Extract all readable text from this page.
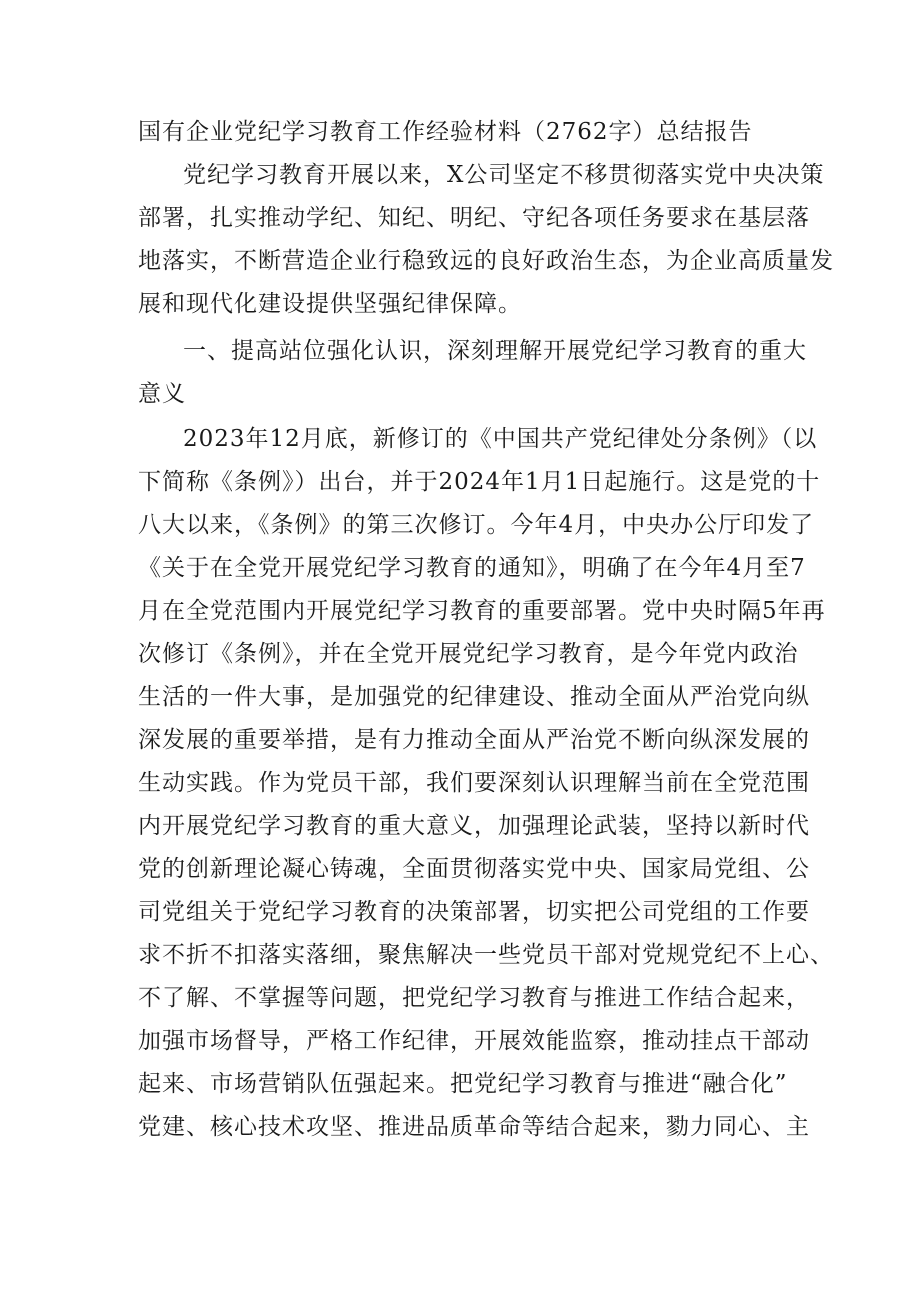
国有企业党纪学习教育工作经验材料（2762字）总结报告
党纪学习教育开展以来，X公司坚定不移贯彻落实党中央决策
部署，扎实推动学纪、知纪、明纪、守纪各项任务要求在基层落
地落实，不断营造企业行稳致远的良好政治生态，为企业高质量发
展和现代化建设提供坚强纪律保障。
一、提高站位强化认识，深刻理解开展党纪学习教育的重大
意义
2023年12月底，新修订的《中国共产党纪律处分条例》（以
下简称《条例》）出台，并于2024年1月1日起施行。这是党的十
八大以来，《条例》的第三次修订。今年4月，中央办公厅印发了
《关于在全党开展党纪学习教育的通知》，明确了在今年4月至7
月在全党范围内开展党纪学习教育的重要部署。党中央时隔5年再
次修订《条例》，并在全党开展党纪学习教育，是今年党内政治
生活的一件大事，是加强党的纪律建设、推动全面从严治党向纵
深发展的重要举措，是有力推动全面从严治党不断向纵深发展的
生动实践。作为党员干部，我们要深刻认识理解当前在全党范围
内开展党纪学习教育的重大意义，加强理论武装，坚持以新时代
党的创新理论凝心铸魂，全面贯彻落实党中央、国家局党组、公
司党组关于党纪学习教育的决策部署，切实把公司党组的工作要
求不折不扣落实落细，聚焦解决一些党员干部对党规党纪不上心、
不了解、不掌握等问题，把党纪学习教育与推进工作结合起来，
加强市场督导，严格工作纪律，开展效能监察，推动挂点干部动
起来、市场营销队伍强起来。把党纪学习教育与推进“融合化”
党建、核心技术攻坚、推进品质革命等结合起来，勠力同心、主
